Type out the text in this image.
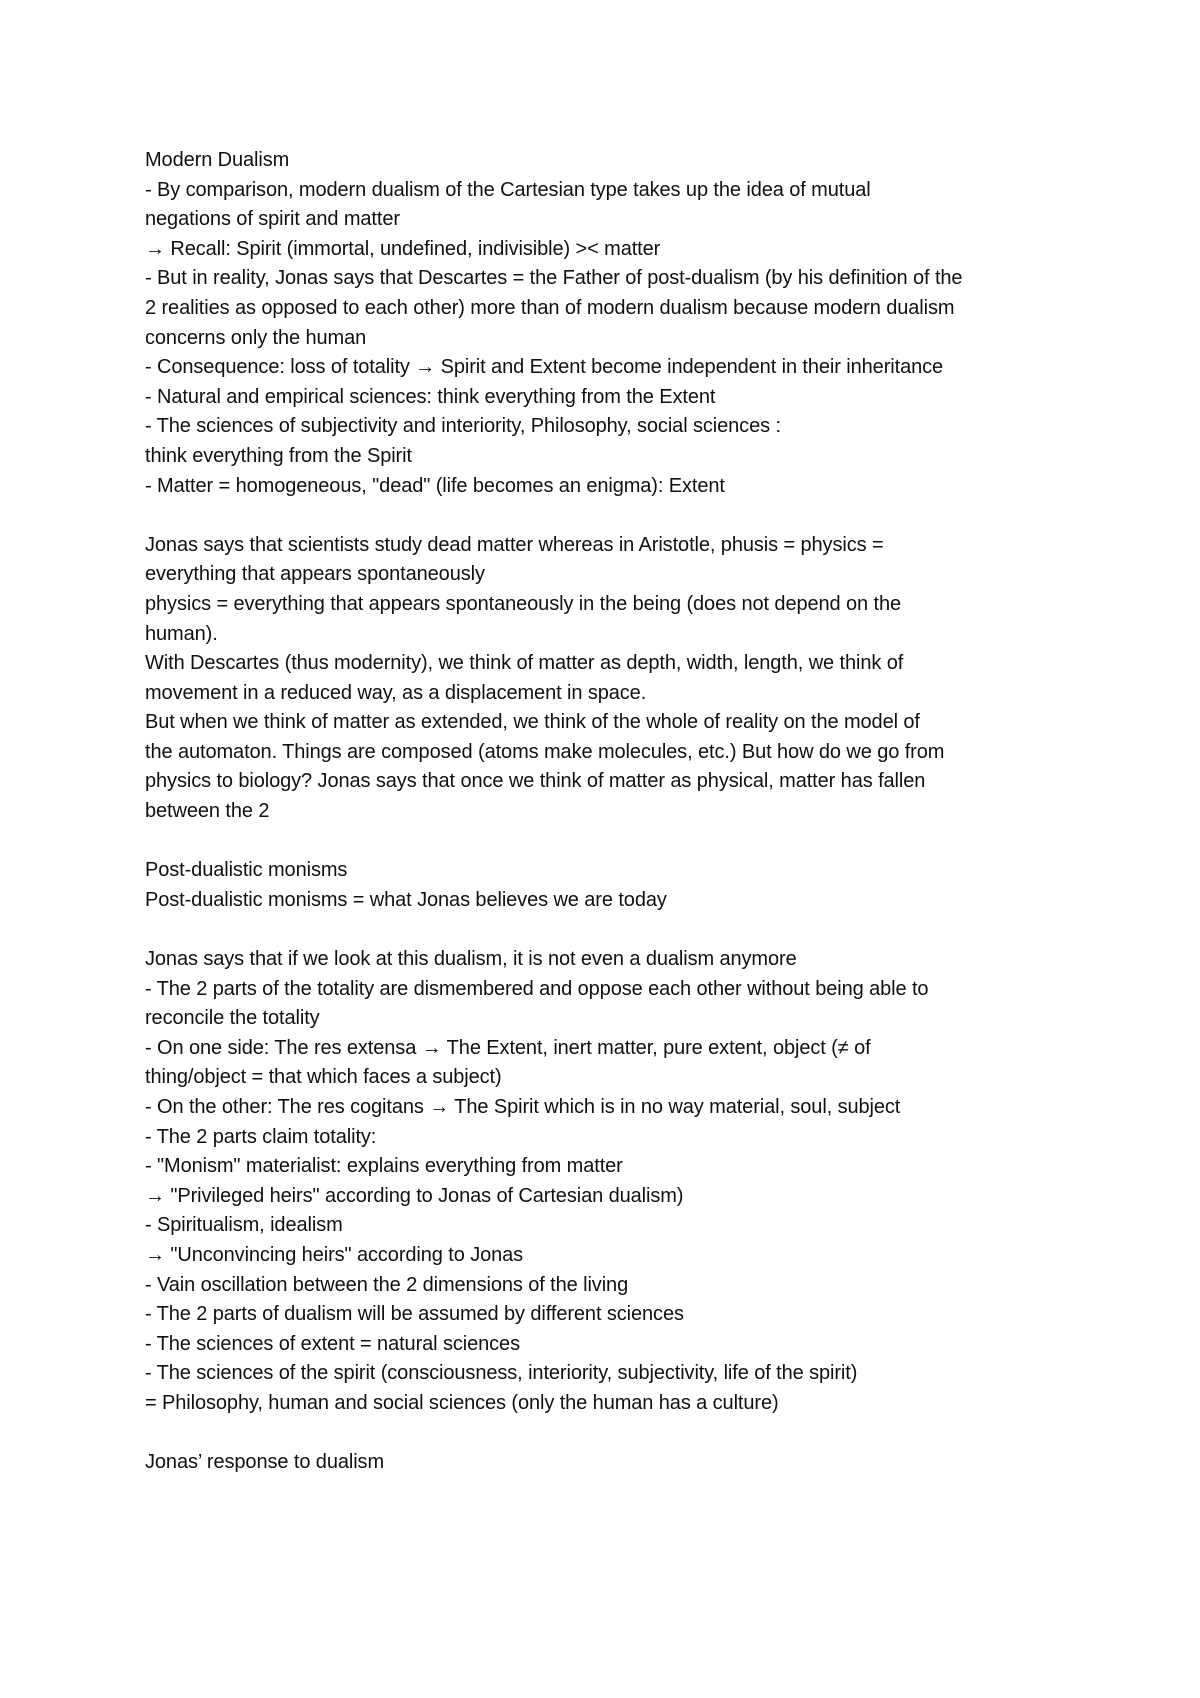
Modern Dualism

- By comparison, modern dualism of the Cartesian type takes up the idea of mutual

negations of spirit and matter

→ Recall: Spirit (immortal, undefined, indivisible) >< matter

- But in reality, Jonas says that Descartes = the Father of post-dualism (by his definition of the

2 realities as opposed to each other) more than of modern dualism because modern dualism

concerns only the human

- Consequence: loss of totality → Spirit and Extent become independent in their inheritance

- Natural and empirical sciences: think everything from the Extent

- The sciences of subjectivity and interiority, Philosophy, social sciences :

think everything from the Spirit

- Matter = homogeneous, "dead" (life becomes an enigma): Extent

Jonas says that scientists study dead matter whereas in Aristotle, phusis = physics =

everything that appears spontaneously

physics = everything that appears spontaneously in the being (does not depend on the

human).

With Descartes (thus modernity), we think of matter as depth, width, length, we think of

movement in a reduced way, as a displacement in space.

But when we think of matter as extended, we think of the whole of reality on the model of

the automaton. Things are composed (atoms make molecules, etc.) But how do we go from

physics to biology? Jonas says that once we think of matter as physical, matter has fallen

between the 2

Post-dualistic monisms

Post-dualistic monisms = what Jonas believes we are today

Jonas says that if we look at this dualism, it is not even a dualism anymore

- The 2 parts of the totality are dismembered and oppose each other without being able to

reconcile the totality

- On one side: The res extensa → The Extent, inert matter, pure extent, object (≠ of

thing/object = that which faces a subject)

- On the other: The res cogitans → The Spirit which is in no way material, soul, subject

- The 2 parts claim totality:

- "Monism" materialist: explains everything from matter

→ "Privileged heirs" according to Jonas of Cartesian dualism)

- Spiritualism, idealism

→ "Unconvincing heirs" according to Jonas

- Vain oscillation between the 2 dimensions of the living

- The 2 parts of dualism will be assumed by different sciences

- The sciences of extent = natural sciences

- The sciences of the spirit (consciousness, interiority, subjectivity, life of the spirit)

= Philosophy, human and social sciences (only the human has a culture)

Jonas’ response to dualism
